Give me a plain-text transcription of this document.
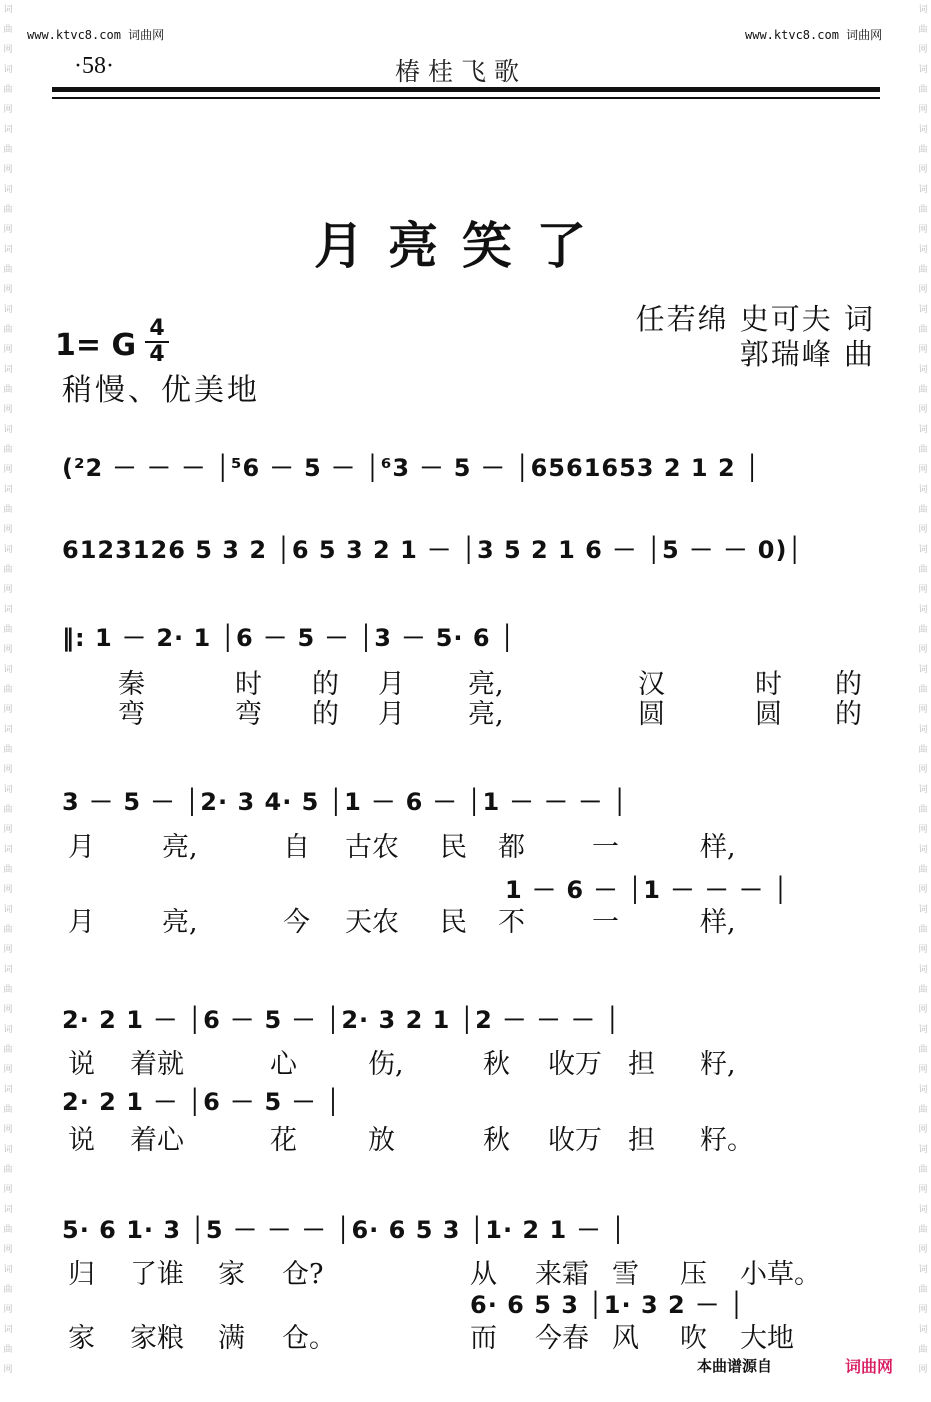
词
曲
网
词
曲
网
词
曲
网
词
曲
网
词
曲
网
词
曲
网
词
曲
网
词
曲
网
词
曲
网
词
曲
网
词
曲
网
词
曲
网
词
曲
网
词
曲
网
词
曲
网
词
曲
网
词
曲
网
词
曲
网
词
曲
网
词
曲
网
词
曲
网
词
曲
网
词
曲
网
词
曲
网
词
曲
网
词
曲
网
词
曲
网
词
曲
网
词
曲
网
词
曲
网
词
曲
网
词
曲
网
词
曲
网
词
曲
网
词
曲
网
词
曲
网
词
曲
网
词
曲
网
词
曲
网
词
曲
网
词
曲
网
词
曲
网
词
曲
网
词
曲
网
词
曲
网
词
曲
网
www.ktvc8.com 词曲网	www.ktvc8.com 词曲网
·58·	椿桂飞歌
月亮笑了
任若绵 史可夫 词
郭瑞峰 曲
1= G 4
4
稍慢、优美地
(²2 － － － │⁵6 － 5 － │⁶3 － 5 － │6561653 2 1 2 │
6123126 5 3 2 │6 5 3 2 1 － │3 5 2 1 6 － │5 － － 0)│
‖: 1 － 2· 1 │6 － 5 － │3 － 5· 6 │
秦	时 的 月 亮,	汉	时 的
弯	弯 的 月 亮,	圆	圆 的
3 － 5 － │2· 3 4· 5 │1 － 6 － │1 － － － │
月 亮,	自 古农 民 都 一	样,
1 － 6 － │1 － － － │
月 亮,	今 天农 民 不 一	样,
2· 2 1 － │6 － 5 － │2· 3 2 1 │2 － － － │
说 着就	心	伤,	秋 收万 担 籽,
2· 2 1 － │6 － 5 － │
说 着心	花	放	秋 收万 担 籽。
5· 6 1· 3 │5 － － － │6· 6 5 3 │1· 2 1 － │
归 了谁 家 仓?	从 来霜 雪 压 小草。
6· 6 5 3 │1· 3 2 － │
家 家粮 满 仓。	而 今春 风 吹 大地
本曲谱源自	词曲网
